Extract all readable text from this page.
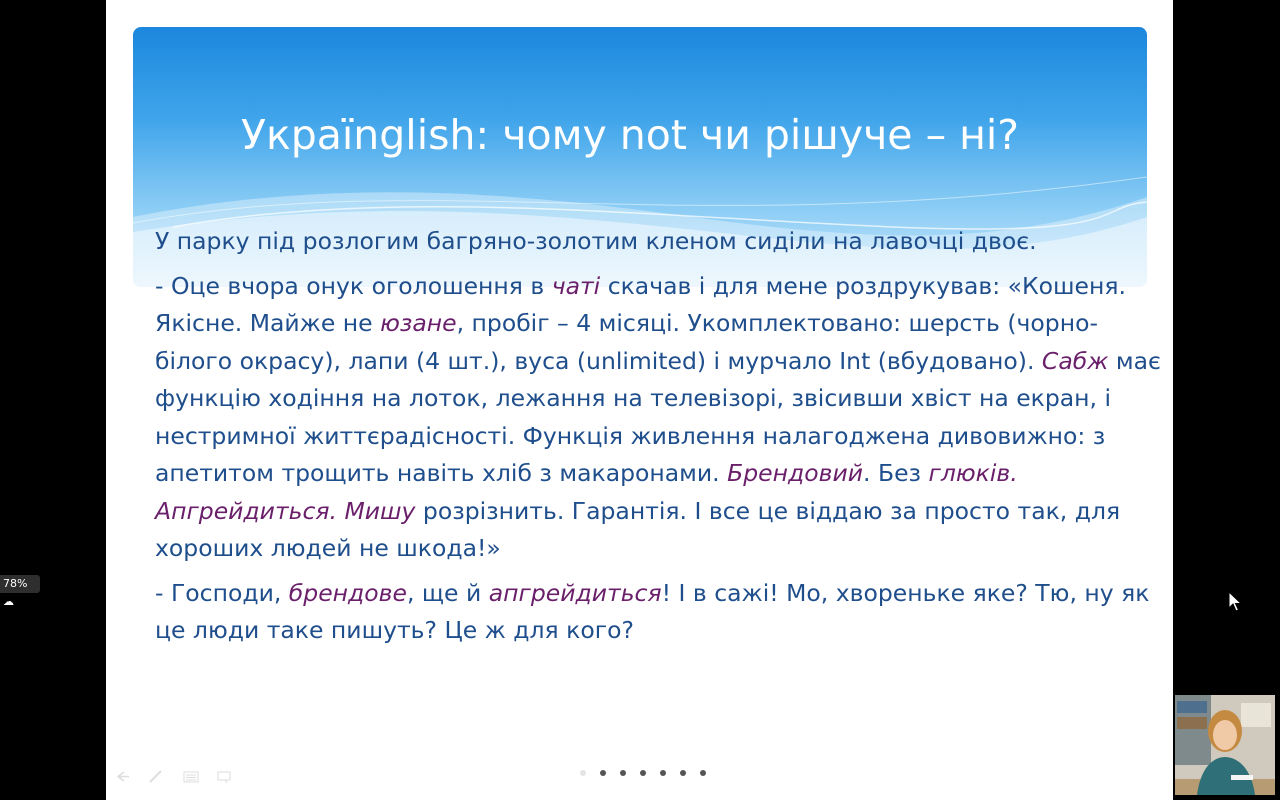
Україnglish: чому not чи рішуче – ні?

У парку під розлогим багряно-золотим кленом сиділи на лавочці двоє.

- Оце вчора онук оголошення в чаті скачав і для мене роздрукував: «Кошеня. Якісне. Майже не юзане, пробіг – 4 місяці. Укомплектовано: шерсть (чорно-білого окрасу), лапи (4 шт.), вуса (unlimited) і мурчало Int (вбудовано). Сабж має функцію ходіння на лоток, лежання на телевізорі, звісивши хвіст на екран, і нестримної життєрадісності. Функція живлення налагоджена дивовижно: з апетитом трощить навіть хліб з макаронами. Брендовий. Без глюків. Апгрейдиться. Мишу розрізнить. Гарантія. І все це віддаю за просто так, для хороших людей не шкода!»

- Господи, брендове, ще й апгрейдиться! І в сажі! Мо, хвореньке яке? Тю, ну як це люди таке пишуть? Це ж для кого?

78% ☁
